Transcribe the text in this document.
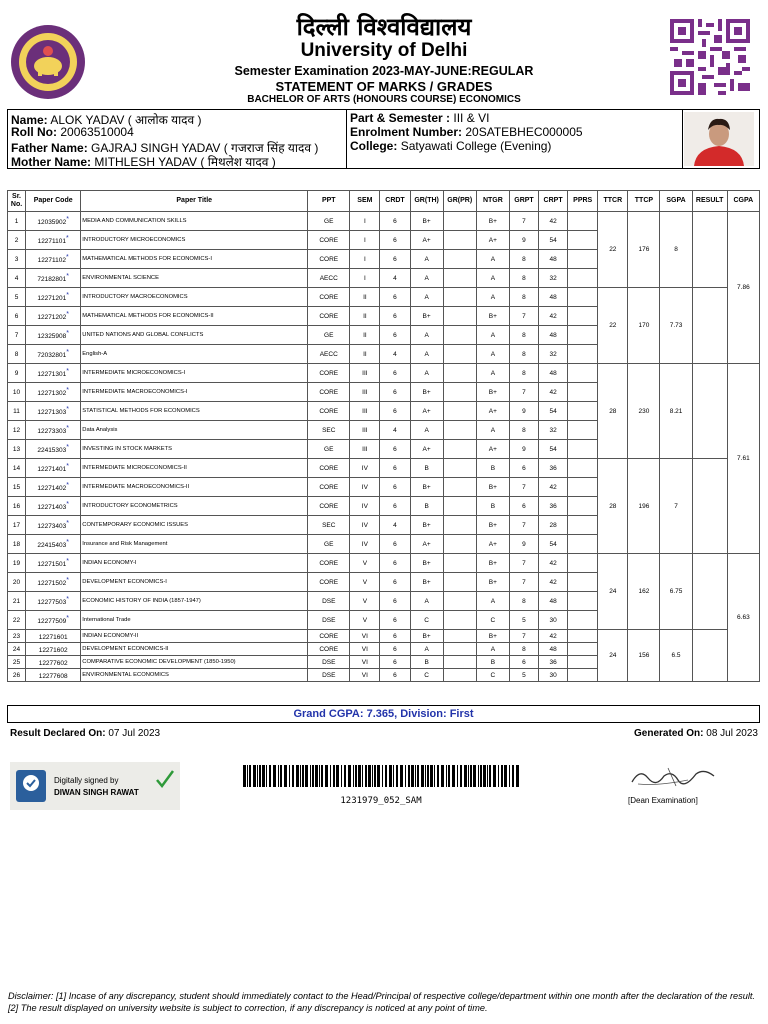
दिल्ली विश्वविद्यालय
University of Delhi
Semester Examination 2023-MAY-JUNE:REGULAR
STATEMENT OF MARKS / GRADES
BACHELOR OF ARTS (HONOURS COURSE) ECONOMICS
Name: ALOK YADAV ( आलोक यादव )
Roll No: 20063510004
Father Name: GAJRAJ SINGH YADAV ( गजराज सिंह यादव )
Mother Name: MITHLESH YADAV ( मिथलेश यादव )
Part & Semester : III & VI
Enrolment Number: 20SATEBHEC000005
College: Satyawati College (Evening)
Sr. No.	Paper Code	Paper Title	PPT	SEM	CRDT	GR(TH)	GR(PR)	NTGR	GRPT	CRPT	PPRS	TTCR	TTCP	SGPA	RESULT	CGPA
1	12035902*	MEDIA AND COMMUNICATION SKILLS	GE	I	6	B+		B+	7	42		22	176	8		7.86
2	12271101*	INTRODUCTORY MICROECONOMICS	CORE	I	6	A+		A+	9	54						
3	12271102*	MATHEMATICAL METHODS FOR ECONOMICS-I	CORE	I	6	A		A	8	48						
4	72182801*	ENVIRONMENTAL SCIENCE	AECC	I	4	A		A	8	32						
5	12271201*	INTRODUCTORY MACROECONOMICS	CORE	II	6	A		A	8	48		22	170	7.73		
6	12271202*	MATHEMATICAL METHODS FOR ECONOMICS-II	CORE	II	6	B+		B+	7	42						
7	12325908*	UNITED NATIONS AND GLOBAL CONFLICTS	GE	II	6	A		A	8	48						
8	72032801*	English-A	AECC	II	4	A		A	8	32						
9	12271301*	INTERMEDIATE MICROECONOMICS-I	CORE	III	6	A		A	8	48		28	230	8.21		7.61
10	12271302*	INTERMEDIATE MACROECONOMICS-I	CORE	III	6	B+		B+	7	42						
11	12271303*	STATISTICAL METHODS FOR ECONOMICS	CORE	III	6	A+		A+	9	54						
12	12273303*	Data Analysis	SEC	III	4	A		A	8	32						
13	22415303*	INVESTING IN STOCK MARKETS	GE	III	6	A+		A+	9	54						
14	12271401*	INTERMEDIATE MICROECONOMICS-II	CORE	IV	6	B		B	6	36		28	196	7		
15	12271402*	INTERMEDIATE MACROECONOMICS-II	CORE	IV	6	B+		B+	7	42						
16	12271403*	INTRODUCTORY ECONOMETRICS	CORE	IV	6	B		B	6	36						
17	12273403*	CONTEMPORARY ECONOMIC ISSUES	SEC	IV	4	B+		B+	7	28						
18	22415403*	Insurance and Risk Management	GE	IV	6	A+		A+	9	54						
19	12271501*	INDIAN ECONOMY-I	CORE	V	6	B+		B+	7	42		24	162	6.75		6.63
20	12271502*	DEVELOPMENT ECONOMICS-I	CORE	V	6	B+		B+	7	42						
21	12277503*	ECONOMIC HISTORY OF INDIA (1857-1947)	DSE	V	6	A		A	8	48						
22	12277509*	International Trade	DSE	V	6	C		C	5	30						
23	12271601	INDIAN ECONOMY-II	CORE	VI	6	B+		B+	7	42		24	156	6.5		
24	12271602	DEVELOPMENT ECONOMICS-II	CORE	VI	6	A		A	8	48						
25	12277602	COMPARATIVE ECONOMIC DEVELOPMENT (1850-1950)	DSE	VI	6	B		B	6	36						
26	12277608	ENVIRONMENTAL ECONOMICS	DSE	VI	6	C		C	5	30						
Grand CGPA: 7.365, Division: First
Result Declared On: 07 Jul 2023	Generated On: 08 Jul 2023
Digitally signed by
DIWAN SINGH RAWAT
1231979_052_SAM	[Dean Examination]
Disclaimer: [1] Incase of any discrepancy, student should immediately contact to the Head/Principal of respective college/department within one month after the declaration of the result. [2] The result displayed on university website is subject to correction, if any discrepancy is noticed at any point of time.
